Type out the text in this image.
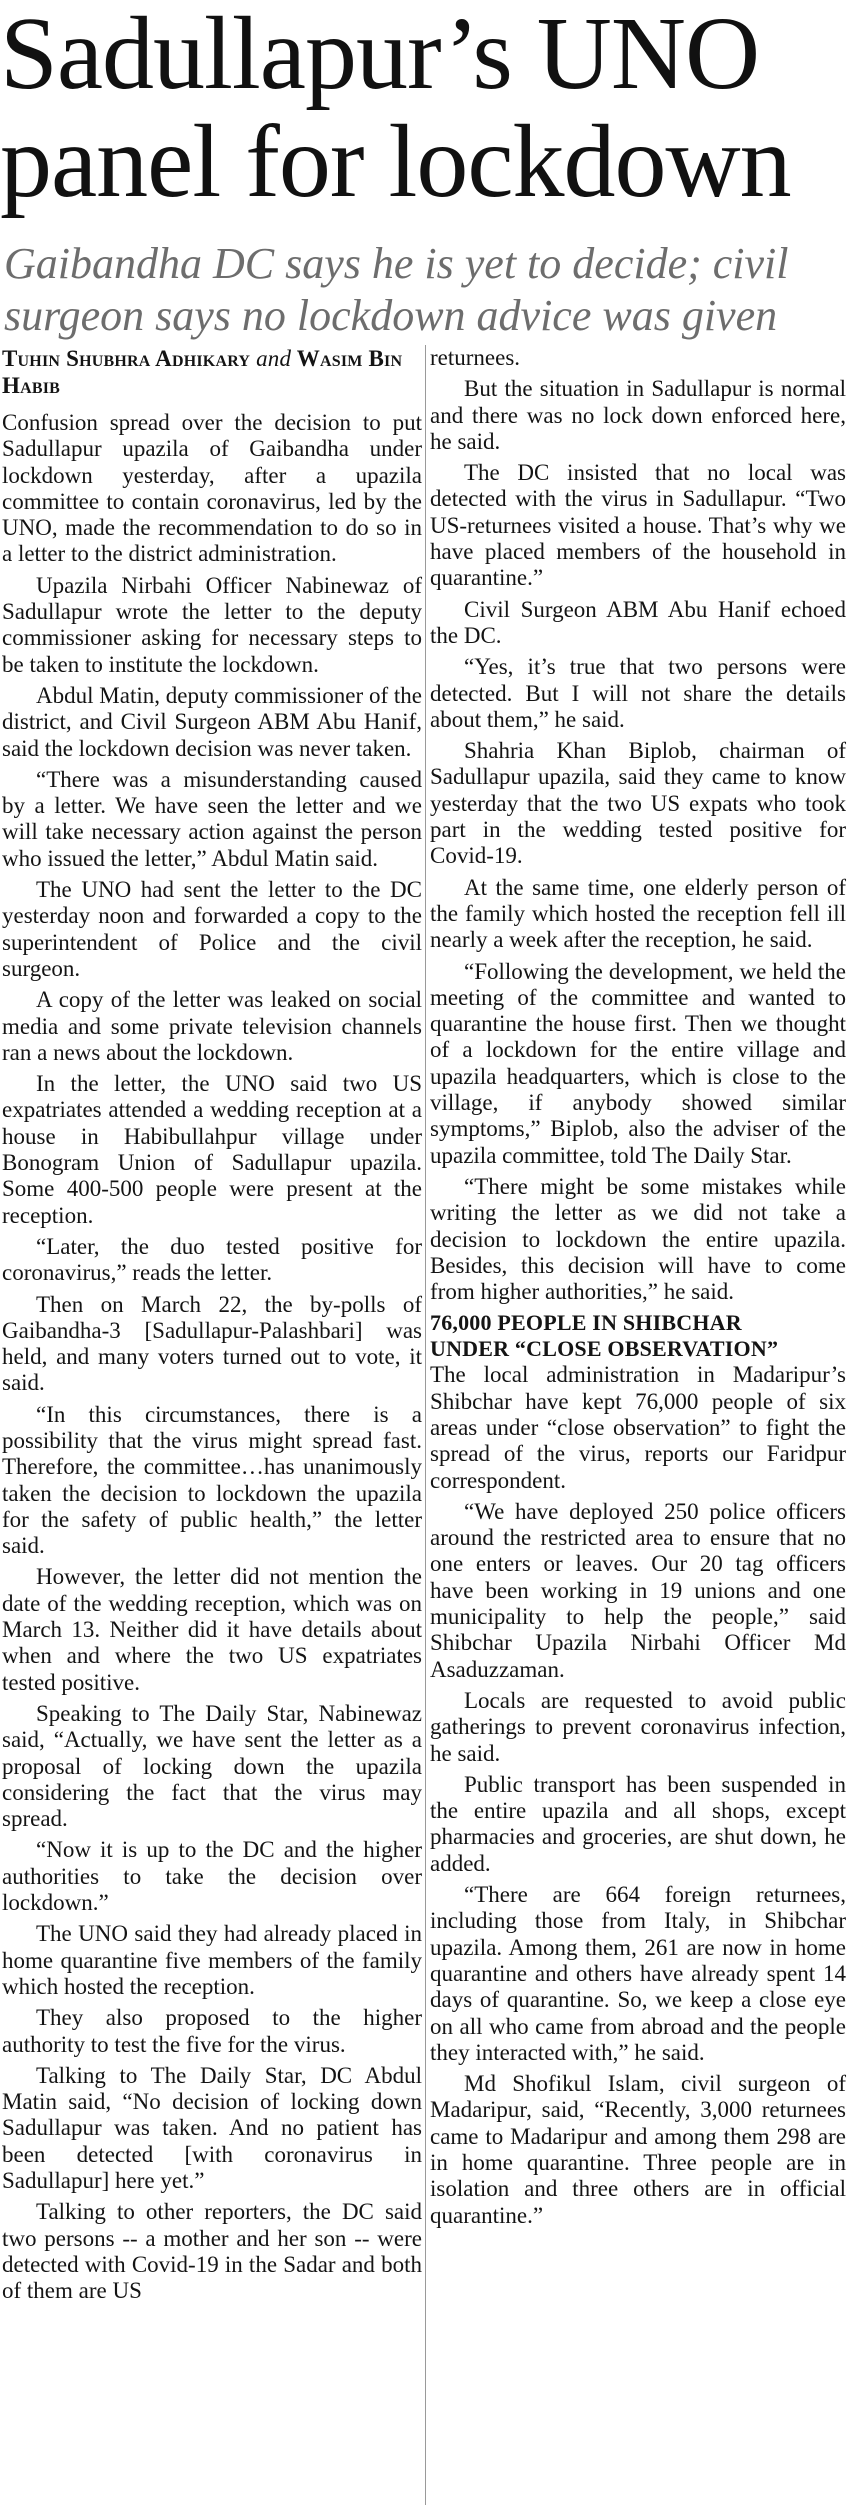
Sadullapur’s UNO
panel for lockdown
Gaibandha DC says he is yet to decide; civil
surgeon says no lockdown advice was given
Tuhin Shubhra Adhikary and Wasim Bin Habib

Confusion spread over the decision to put Sadullapur upazila of Gaibandha under lockdown yesterday, after a upazila committee to contain coronavirus, led by the UNO, made the recommendation to do so in a letter to the district administration.

Upazila Nirbahi Officer Nabinewaz of Sadullapur wrote the letter to the deputy commissioner asking for necessary steps to be taken to institute the lockdown.

Abdul Matin, deputy commissioner of the district, and Civil Surgeon ABM Abu Hanif, said the lockdown decision was never taken.

“There was a misunderstanding caused by a letter. We have seen the letter and we will take necessary action against the person who issued the letter,” Abdul Matin said.

The UNO had sent the letter to the DC yesterday noon and forwarded a copy to the superintendent of Police and the civil surgeon.

A copy of the letter was leaked on social media and some private television channels ran a news about the lockdown.

In the letter, the UNO said two US expatriates attended a wedding reception at a house in Habibullahpur village under Bonogram Union of Sadullapur upazila. Some 400-500 people were present at the reception.

“Later, the duo tested positive for coronavirus,” reads the letter.

Then on March 22, the by-polls of Gaibandha-3 [Sadullapur-Palashbari] was held, and many voters turned out to vote, it said.

“In this circumstances, there is a possibility that the virus might spread fast. Therefore, the committee…has unanimously taken the decision to lockdown the upazila for the safety of public health,” the letter said.

However, the letter did not mention the date of the wedding reception, which was on March 13. Neither did it have details about when and where the two US expatriates tested positive.

Speaking to The Daily Star, Nabinewaz said, “Actually, we have sent the letter as a proposal of locking down the upazila considering the fact that the virus may spread.

“Now it is up to the DC and the higher authorities to take the decision over lockdown.”

The UNO said they had already placed in home quarantine five members of the family which hosted the reception.

They also proposed to the higher authority to test the five for the virus.

Talking to The Daily Star, DC Abdul Matin said, “No decision of locking down Sadullapur was taken. And no patient has been detected [with coronavirus in Sadullapur] here yet.”

Talking to other reporters, the DC said two persons -- a mother and her son -- were detected with Covid-19 in the Sadar and both of them are US

returnees.

But the situation in Sadullapur is normal and there was no lock down enforced here, he said.

The DC insisted that no local was detected with the virus in Sadullapur. “Two US-returnees visited a house. That’s why we have placed members of the household in quarantine.”

Civil Surgeon ABM Abu Hanif echoed the DC.

“Yes, it’s true that two persons were detected. But I will not share the details about them,” he said.

Shahria Khan Biplob, chairman of Sadullapur upazila, said they came to know yesterday that the two US expats who took part in the wedding tested positive for Covid-19.

At the same time, one elderly person of the family which hosted the reception fell ill nearly a week after the reception, he said.

“Following the development, we held the meeting of the committee and wanted to quarantine the house first. Then we thought of a lockdown for the entire village and upazila headquarters, which is close to the village, if anybody showed similar symptoms,” Biplob, also the adviser of the upazila committee, told The Daily Star.

“There might be some mistakes while writing the letter as we did not take a decision to lockdown the entire upazila. Besides, this decision will have to come from higher authorities,” he said.

76,000 PEOPLE IN SHIBCHAR
UNDER “CLOSE OBSERVATION”

The local administration in Madaripur’s Shibchar have kept 76,000 people of six areas under “close observation” to fight the spread of the virus, reports our Faridpur correspondent.

“We have deployed 250 police officers around the restricted area to ensure that no one enters or leaves. Our 20 tag officers have been working in 19 unions and one municipality to help the people,” said Shibchar Upazila Nirbahi Officer Md Asaduzzaman.

Locals are requested to avoid public gatherings to prevent coronavirus infection, he said.

Public transport has been suspended in the entire upazila and all shops, except pharmacies and groceries, are shut down, he added.

“There are 664 foreign returnees, including those from Italy, in Shibchar upazila. Among them, 261 are now in home quarantine and others have already spent 14 days of quarantine. So, we keep a close eye on all who came from abroad and the people they interacted with,” he said.

Md Shofikul Islam, civil surgeon of Madaripur, said, “Recently, 3,000 returnees came to Madaripur and among them 298 are in home quarantine. Three people are in isolation and three others are in official quarantine.”
